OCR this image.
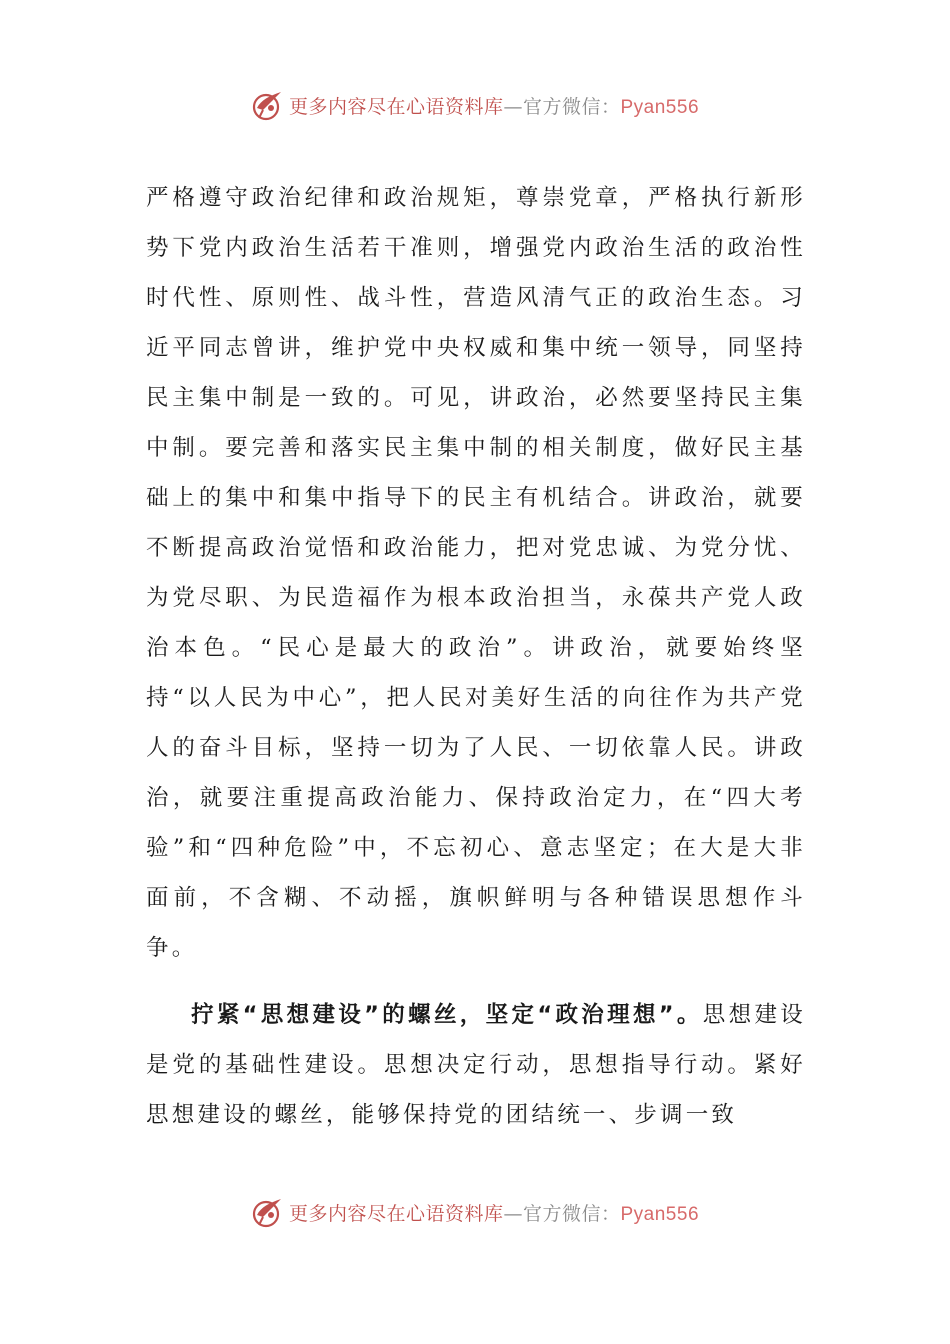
更多内容尽在心语资料库—官方微信：Pyan556

严格遵守政治纪律和政治规矩，尊崇党章，严格执行新形势下党内政治生活若干准则，增强党内政治生活的政治性时代性、原则性、战斗性，营造风清气正的政治生态。习近平同志曾讲，维护党中央权威和集中统一领导，同坚持民主集中制是一致的。可见，讲政治，必然要坚持民主集中制。要完善和落实民主集中制的相关制度，做好民主基础上的集中和集中指导下的民主有机结合。讲政治，就要不断提高政治觉悟和政治能力，把对党忠诚、为党分忧、为党尽职、为民造福作为根本政治担当，永葆共产党人政治本色。“民心是最大的政治”。讲政治，就要始终坚持“以人民为中心”，把人民对美好生活的向往作为共产党人的奋斗目标，坚持一切为了人民、一切依靠人民。讲政治，就要注重提高政治能力、保持政治定力，在“四大考验”和“四种危险”中，不忘初心、意志坚定；在大是大非面前，不含糊、不动摇，旗帜鲜明与各种错误思想作斗争。

拧紧“思想建设”的螺丝，坚定“政治理想”。思想建设是党的基础性建设。思想决定行动，思想指导行动。紧好思想建设的螺丝，能够保持党的团结统一、步调一致

更多内容尽在心语资料库—官方微信：Pyan556
